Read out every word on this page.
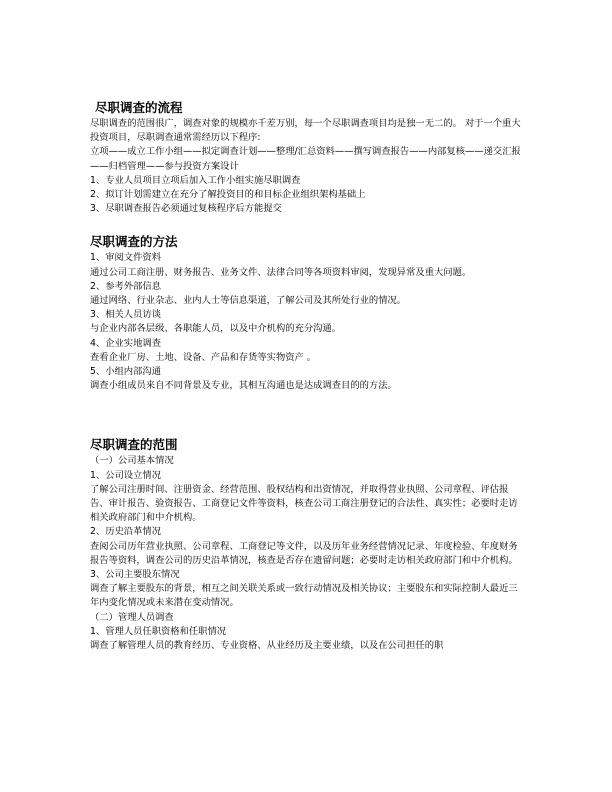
尽职调查的流程

尽职调查的范围很广，调查对象的规模亦千差万别，每一个尽职调查项目均是独一无二的。 对于一个重大投资项目，尽职调查通常需经历以下程序:

立项——成立工作小组——拟定调查计划——整理/汇总资料——撰写调查报告——内部复核——递交汇报——归档管理——参与投资方案设计

1、专业人员项目立项后加入工作小组实施尽职调查

2、拟订计划需建立在充分了解投资目的和目标企业组织架构基础上

3、尽职调查报告必须通过复核程序后方能提交

尽职调查的方法

1、审阅文件资料

通过公司工商注册、财务报告、业务文件、法律合同等各项资料审阅，发现异常及重大问题。

2、参考外部信息

通过网络、行业杂志、业内人士等信息渠道，了解公司及其所处行业的情况。

3、相关人员访谈

与企业内部各层级、各职能人员，以及中介机构的充分沟通。

4、企业实地调查

查看企业厂房、土地、设备、产品和存货等实物资产 。

5、小组内部沟通

调查小组成员来自不同背景及专业，其相互沟通也是达成调查目的的方法。

尽职调查的范围

（一）公司基本情况

1、公司设立情况

了解公司注册时间、注册资金、经营范围、股权结构和出资情况，并取得营业执照、公司章程、评估报告、审计报告、验资报告、工商登记文件等资料，核查公司工商注册登记的合法性、真实性；必要时走访相关政府部门和中介机构。

2、历史沿革情况

查阅公司历年营业执照、公司章程、工商登记等文件，以及历年业务经营情况记录、年度检验、年度财务报告等资料，调查公司的历史沿革情况，核查是否存在遗留问题；必要时走访相关政府部门和中介机构。

3、公司主要股东情况

调查了解主要股东的背景，相互之间关联关系或一致行动情况及相关协议；主要股东和实际控制人最近三年内变化情况或未来潜在变动情况。

（二）管理人员调查

1、管理人员任职资格和任职情况

调查了解管理人员的教育经历、专业资格、从业经历及主要业绩，以及在公司担任的职
